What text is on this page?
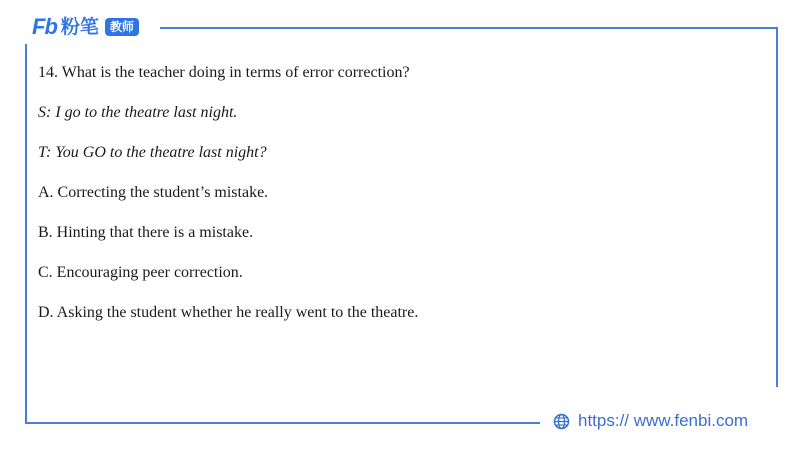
Fb 粉笔 教师

14. What is the teacher doing in terms of error correction?

S: I go to the theatre last night.

T: You GO to the theatre last night?

A. Correcting the student’s mistake.

B. Hinting that there is a mistake.

C. Encouraging peer correction.

D. Asking the student whether he really went to the theatre.

https:// www.fenbi.com
